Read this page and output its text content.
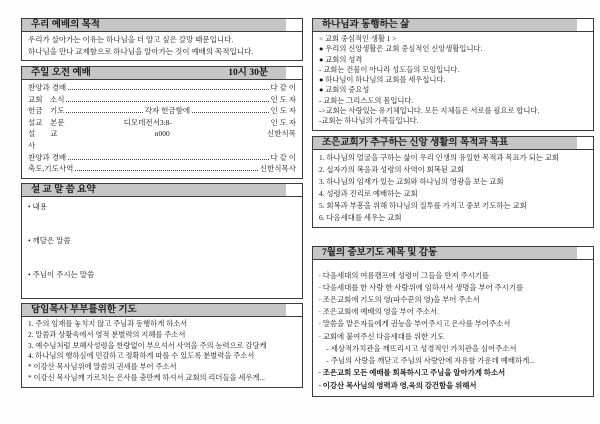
우리 예배의 목적
우리가 살아가는 이유는 하나님을 더 알고 싶은 갈망 때문입니다.
하나님을 만나 교제함으로 하나님을 알아가는 것이 예배의 목적입니다.
주일 오전 예배	10시 30분
찬양과 경배	다 같 이
교회　소식	인 도 자
헌금　기도	각자 헌금함에	인 도 자
설교　본문	디모데전서3:8-	인 도 자
설　　교	n000	신한식목
사
찬양과 경배	다 같 이
축도,기도사역	신한식목사
설 교 말 씀 요약
• 내용
• 깨달은 말씀
• 주님이 주시는 말씀
담임목사 부부를위한 기도
1. 주의 임재를 놓치지 않고 주님과 동행하게 하소서
2. 말씀과 상황속에서 영적 분별력의 지혜를 주소서
3. 예수님처럼 보혜사성령을 한량없이 부으셔서 사역을 주의 능력으로 감당케
4. 하나님의 행하심에 민감하고 정확하게 따를 수 있도록 분별력을 주소서
* 이강산 목사님위에 말씀의 권세를 부어 주소서
* 이강신 목사님께 가르치는 은사를 충만케 하셔서 교회의 리더들을 세우게...
하나님과 동행하는 삶
< 교회 중심적인 생활 1 >
● 우리의 신앙생활은 교회 중심적인 신앙생활입니다.
● 교회의 성격
- 교회는 건물이 아니라 성도들의 모임입니다.
● 하나님이 하나님의 교회를 세우십니다.
● 교회의 중요성
- 교회는 그리스도의 몸입니다.
->교회는 사랑있는 유기체입니다. 모든 지체들은 서로를 필요로 합니다.
-교회는 하나님의 가족들입니다.
조은교회가 추구하는 신앙 생활의 목적과 목표
1. 하나님의 얼굴을 구하는 삶이 우리 인생의 유일한 목적과 목표가 되는 교회
2. 십자가의 복음과 성령의 사역이 회복된 교회
3. 하나님의 임재가 있는 교회와 하나님의 영광을 보는 교회
4. 성령과 진리로 예배하는 교회
5. 회복과 부흥을 위해 하나님의 질투를 가지고 중보 기도하는 교회
6. 다음세대를 세우는 교회
7월의 중보기도 제목 및 감동
∙ 다음세대의 여름캠프에 성령이 그들을 만져 주시기를
∙ 다음세대를 한 사람 한 사람위에 임하셔서 생명을 부어 주시기를
∙ 조은교회에 기도의 영(파수꾼의 영)을 부어 주소서
∙ 조은교회에 예배의 영을 부어 주소서.
∙ 말씀을 맡은자들에게 권능을 부어주시고 은사를 부어주소서
∙ 교회에 붙여주신 다음세대를 위한 기도
　- 세상적가치관을 깨뜨리시고 성경적인 가치관을 심어주소서
　- 주님의 사랑을 깨닫고 주님의 사랑안에 자유함 가운데 예배하게...
∙ 조은교회 모든 예배를 회복하시고 주님을 알아가게 하소서
∙ 이강산 목사님의 영력과 영,육의 강건함을 위해서
